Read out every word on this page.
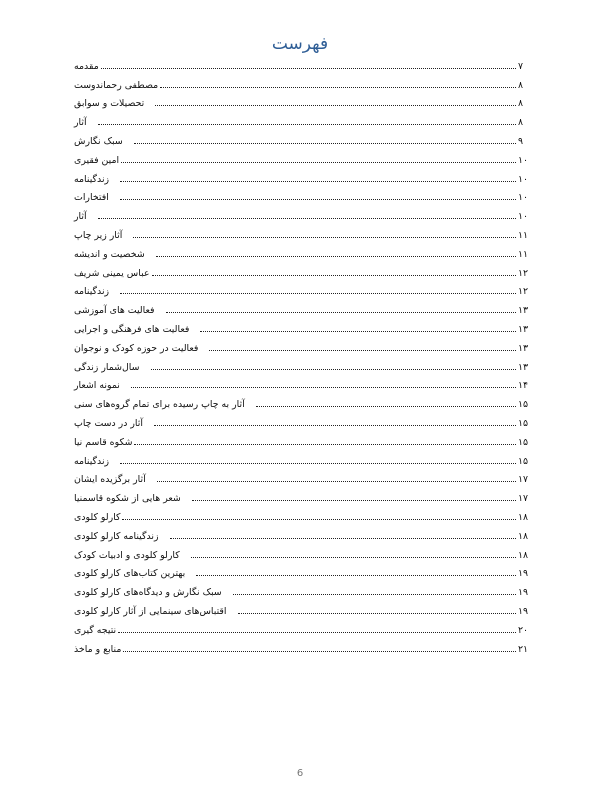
فهرست
مقدمه	۷
مصطفی رحماندوست	۸
تحصیلات و سوابق	۸
آثار	۸
سبک نگارش	۹
امین فقیری	۱۰
زندگینامه	۱۰
افتخارات	۱۰
آثار	۱۰
آثار زیر چاپ	۱۱
شخصیت و اندیشه	۱۱
عباس یمینی شریف	۱۲
زندگینامه	۱۲
فعالیت های آموزشی	۱۳
فعالیت های فرهنگی و اجرایی	۱۳
فعالیت در حوزه کودک و نوجوان	۱۳
سال‌شمار زندگی	۱۳
نمونه اشعار	۱۴
آثار به چاپ رسیده برای تمام گروه‌های سنی	۱۵
آثار در دست چاپ	۱۵
شکوه قاسم نیا	۱۵
زندگینامه	۱۵
آثار برگزیده ایشان	۱۷
شعر هایی از شکوه قاسمنیا	۱۷
کارلو کلودی	۱۸
زندگینامه کارلو کلودی	۱۸
کارلو کلودی و ادبیات کودک	۱۸
بهترین کتاب‌های کارلو کلودی	۱۹
سبک نگارش و دیدگاه‌های کارلو کلودی	۱۹
اقتباس‌های سینمایی از آثار کارلو کلودی	۱۹
نتیجه گیری	۲۰
منابع و ماخذ	۲۱
6
